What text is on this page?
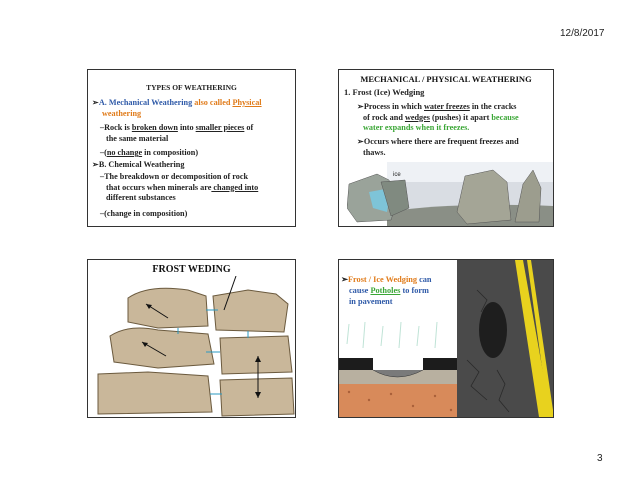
12/8/2017
3
TYPES OF WEATHERING
➢A. Mechanical Weathering also called Physical
weathering
–Rock is broken down into smaller pieces of
the same material
–(no change in composition)
➢B. Chemical Weathering
–The breakdown or decomposition of rock
that occurs when minerals are changed into
different substances
–(change in composition)
MECHANICAL / PHYSICAL WEATHERING
1. Frost (Ice) Wedging
➢Process in which water freezes in the cracks
of rock and wedges (pushes) it apart because
water expands when it freezes.
➢Occurs where there are frequent freezes and
thaws.
ice
FROST WEDING
➢Frost / Ice Wedging can
cause Potholes to form
in pavement
